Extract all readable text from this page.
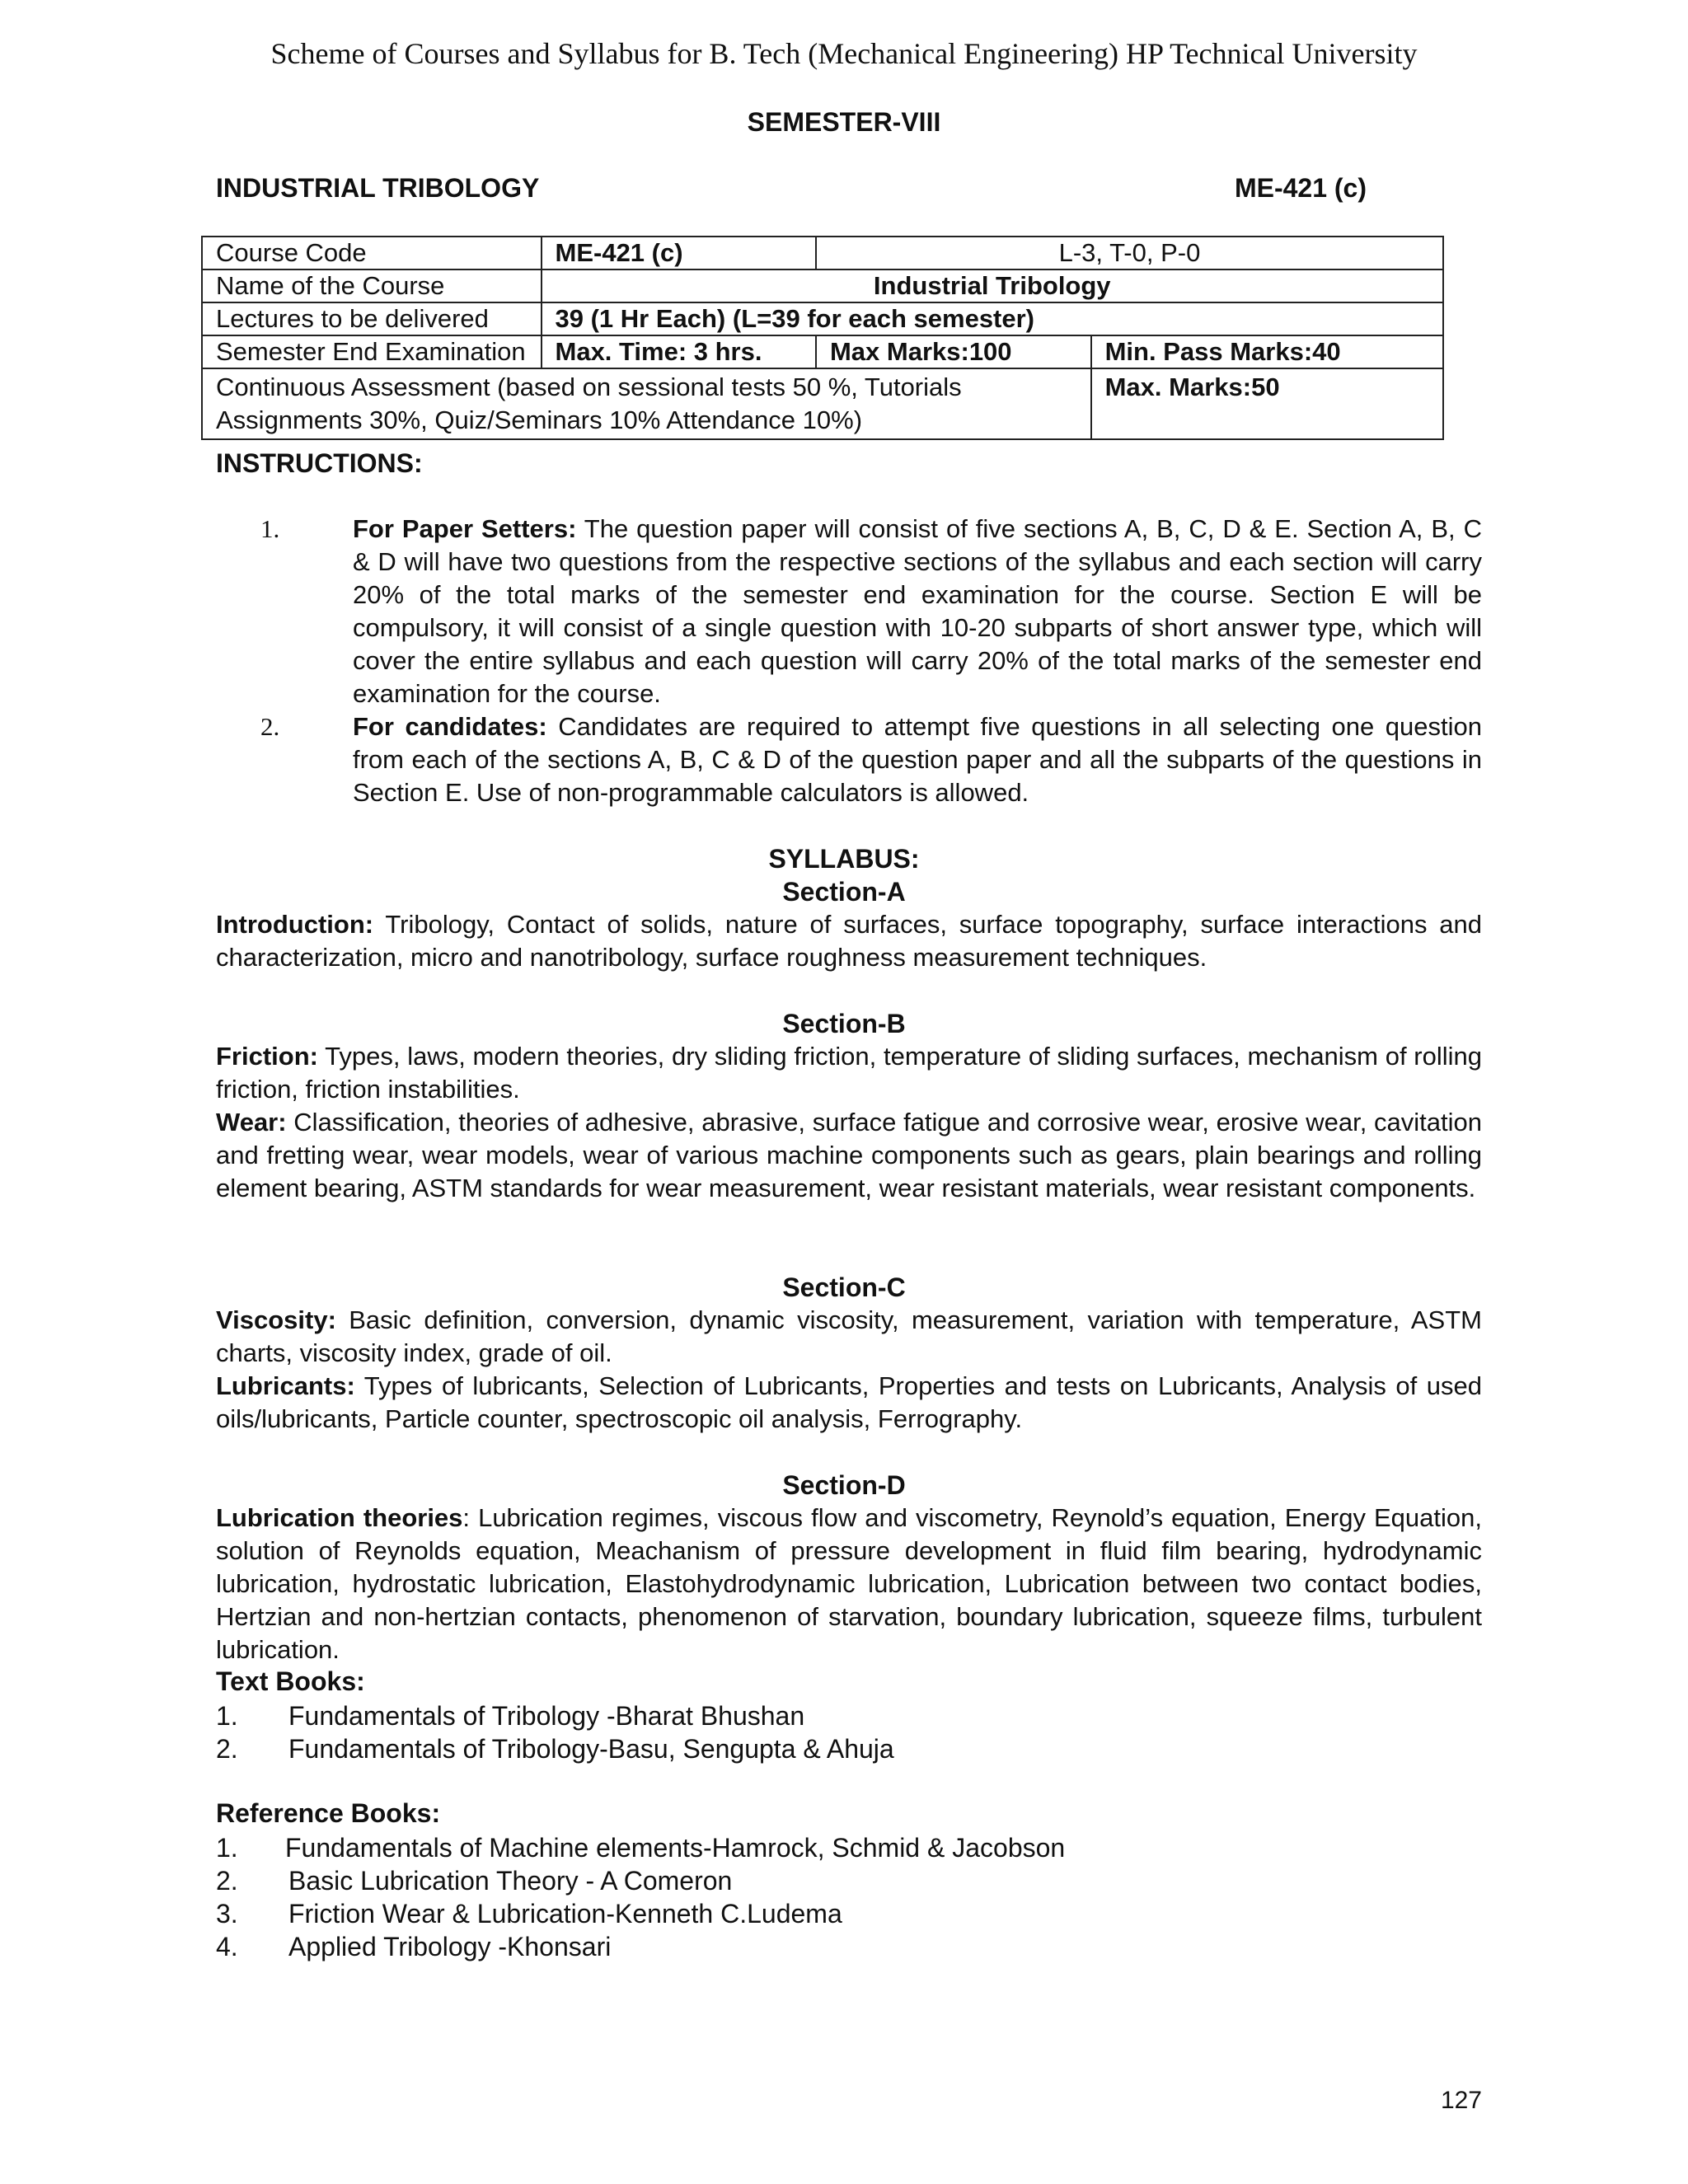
Scheme of Courses and Syllabus for B. Tech (Mechanical Engineering) HP Technical University
SEMESTER-VIII
INDUSTRIAL TRIBOLOGY	ME-421 (c)
Course Code	ME-421 (c)	L-3, T-0, P-0	
Name of the Course	Industrial Tribology		
Lectures to be delivered	39 (1 Hr Each) (L=39 for each semester)		
Semester End Examination	Max. Time: 3 hrs.	Max Marks:100	Min. Pass Marks:40
Continuous Assessment (based on sessional tests 50 %, Tutorials Assignments 30%, Quiz/Seminars 10% Attendance 10%)			Max. Marks:50
INSTRUCTIONS:
1.	For Paper Setters: The question paper will consist of five sections A, B, C, D & E. Section A, B, C & D will have two questions from the respective sections of the syllabus and each section will carry 20% of the total marks of the semester end examination for the course. Section E will be compulsory, it will consist of a single question with 10-20 subparts of short answer type, which will cover the entire syllabus and each question will carry 20% of the total marks of the semester end examination for the course.
2.	For candidates: Candidates are required to attempt five questions in all selecting one question from each of the sections A, B, C & D of the question paper and all the subparts of the questions in Section E. Use of non-programmable calculators is allowed.
SYLLABUS:
Section-A
Introduction: Tribology, Contact of solids, nature of surfaces, surface topography, surface interactions and characterization, micro and nanotribology, surface roughness measurement techniques.
Section-B
Friction: Types, laws, modern theories, dry sliding friction, temperature of sliding surfaces, mechanism of rolling friction, friction instabilities.
Wear: Classification, theories of adhesive, abrasive, surface fatigue and corrosive wear, erosive wear, cavitation and fretting wear, wear models, wear of various machine components such as gears, plain bearings and rolling element bearing, ASTM standards for wear measurement, wear resistant materials, wear resistant components.
Section-C
Viscosity: Basic definition, conversion, dynamic viscosity, measurement, variation with temperature, ASTM charts, viscosity index, grade of oil.
Lubricants: Types of lubricants, Selection of Lubricants, Properties and tests on Lubricants, Analysis of used oils/lubricants, Particle counter, spectroscopic oil analysis, Ferrography.
Section-D
Lubrication theories: Lubrication regimes, viscous flow and viscometry, Reynold’s equation, Energy Equation, solution of Reynolds equation, Meachanism of pressure development in fluid film bearing, hydrodynamic lubrication, hydrostatic lubrication, Elastohydrodynamic lubrication, Lubrication between two contact bodies, Hertzian and non-hertzian contacts, phenomenon of starvation, boundary lubrication, squeeze films, turbulent lubrication.
Text Books:
1. Fundamentals of Tribology -Bharat Bhushan
2. Fundamentals of Tribology-Basu, Sengupta & Ahuja
Reference Books:
1. Fundamentals of Machine elements-Hamrock, Schmid & Jacobson
2. Basic Lubrication Theory - A Comeron
3. Friction Wear & Lubrication-Kenneth C.Ludema
4. Applied Tribology -Khonsari
127
